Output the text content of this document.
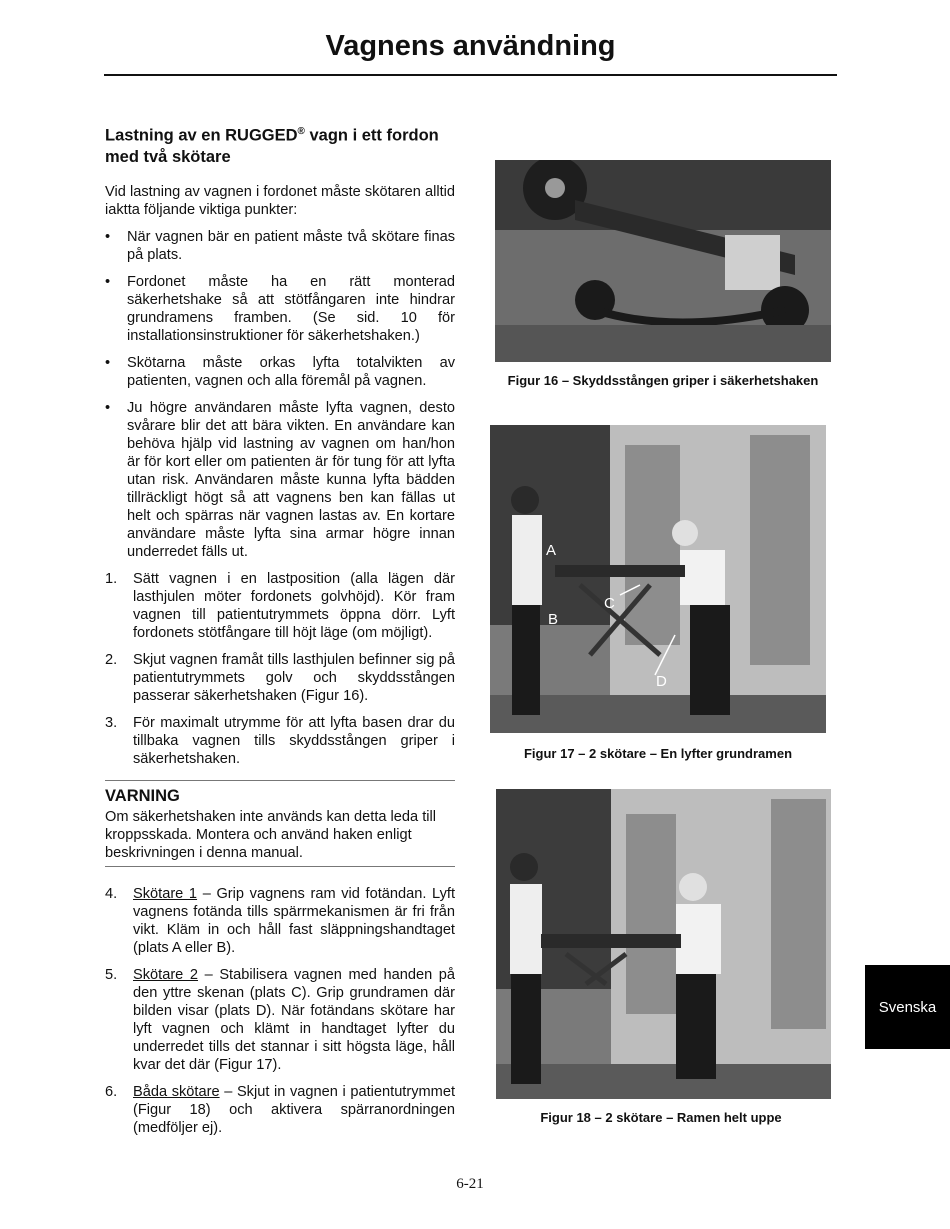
Vagnens användning
Lastning av en RUGGED® vagn i ett fordon med två skötare

Vid lastning av vagnen i fordonet måste skötaren alltid iaktta följande viktiga punkter:

• När vagnen bär en patient måste två skötare finas på plats.
• Fordonet måste ha en rätt monterad säkerhetshake så att stötfångaren inte hindrar grundramens framben. (Se sid. 10 för installationsinstruktioner för säkerhetshaken.)
• Skötarna måste orkas lyfta totalvikten av patienten, vagnen och alla föremål på vagnen.
• Ju högre användaren måste lyfta vagnen, desto svårare blir det att bära vikten. En användare kan behöva hjälp vid lastning av vagnen om han/hon är för kort eller om patienten är för tung för att lyfta utan risk. Användaren måste kunna lyfta bädden tillräckligt högt så att vagnens ben kan fällas ut helt och spärras när vagnen lastas av. En kortare användare måste lyfta sina armar högre innan underredet fälls ut.
1. Sätt vagnen i en lastposition (alla lägen där lasthjulen möter fordonets golvhöjd). Kör fram vagnen till patientutrymmets öppna dörr. Lyft fordonets stötfångare till höjt läge (om möjligt).
2. Skjut vagnen framåt tills lasthjulen befinner sig på patientutrymmets golv och skyddsstången passerar säkerhetshaken (Figur 16).
3. För maximalt utrymme för att lyfta basen drar du tillbaka vagnen tills skyddsstången griper i säkerhetshaken.
VARNING

Om säkerhetshaken inte används kan detta leda till kroppsskada. Montera och använd haken enligt beskrivningen i denna manual.

4. Skötare 1 – Grip vagnens ram vid fotändan. Lyft vagnens fotända tills spärrmekanismen är fri från vikt. Kläm in och håll fast släppningshandtaget (plats A eller B).
5. Skötare 2 – Stabilisera vagnen med handen på den yttre skenan (plats C). Grip grundramen där bilden visar (plats D). När fotändans skötare har lyft vagnen och klämt in handtaget lyfter du underredet tills det stannar i sitt högsta läge, håll kvar det där (Figur 17).
6. Båda skötare – Skjut in vagnen i patientutrymmet (Figur 18) och aktivera spärranordningen (medföljer ej).
Figur 16 – Skyddsstången griper i säkerhetshaken
A
B
C
D
Figur 17 – 2 skötare – En lyfter grundramen
Figur 18 – 2 skötare – Ramen helt uppe
Svenska
6-21
